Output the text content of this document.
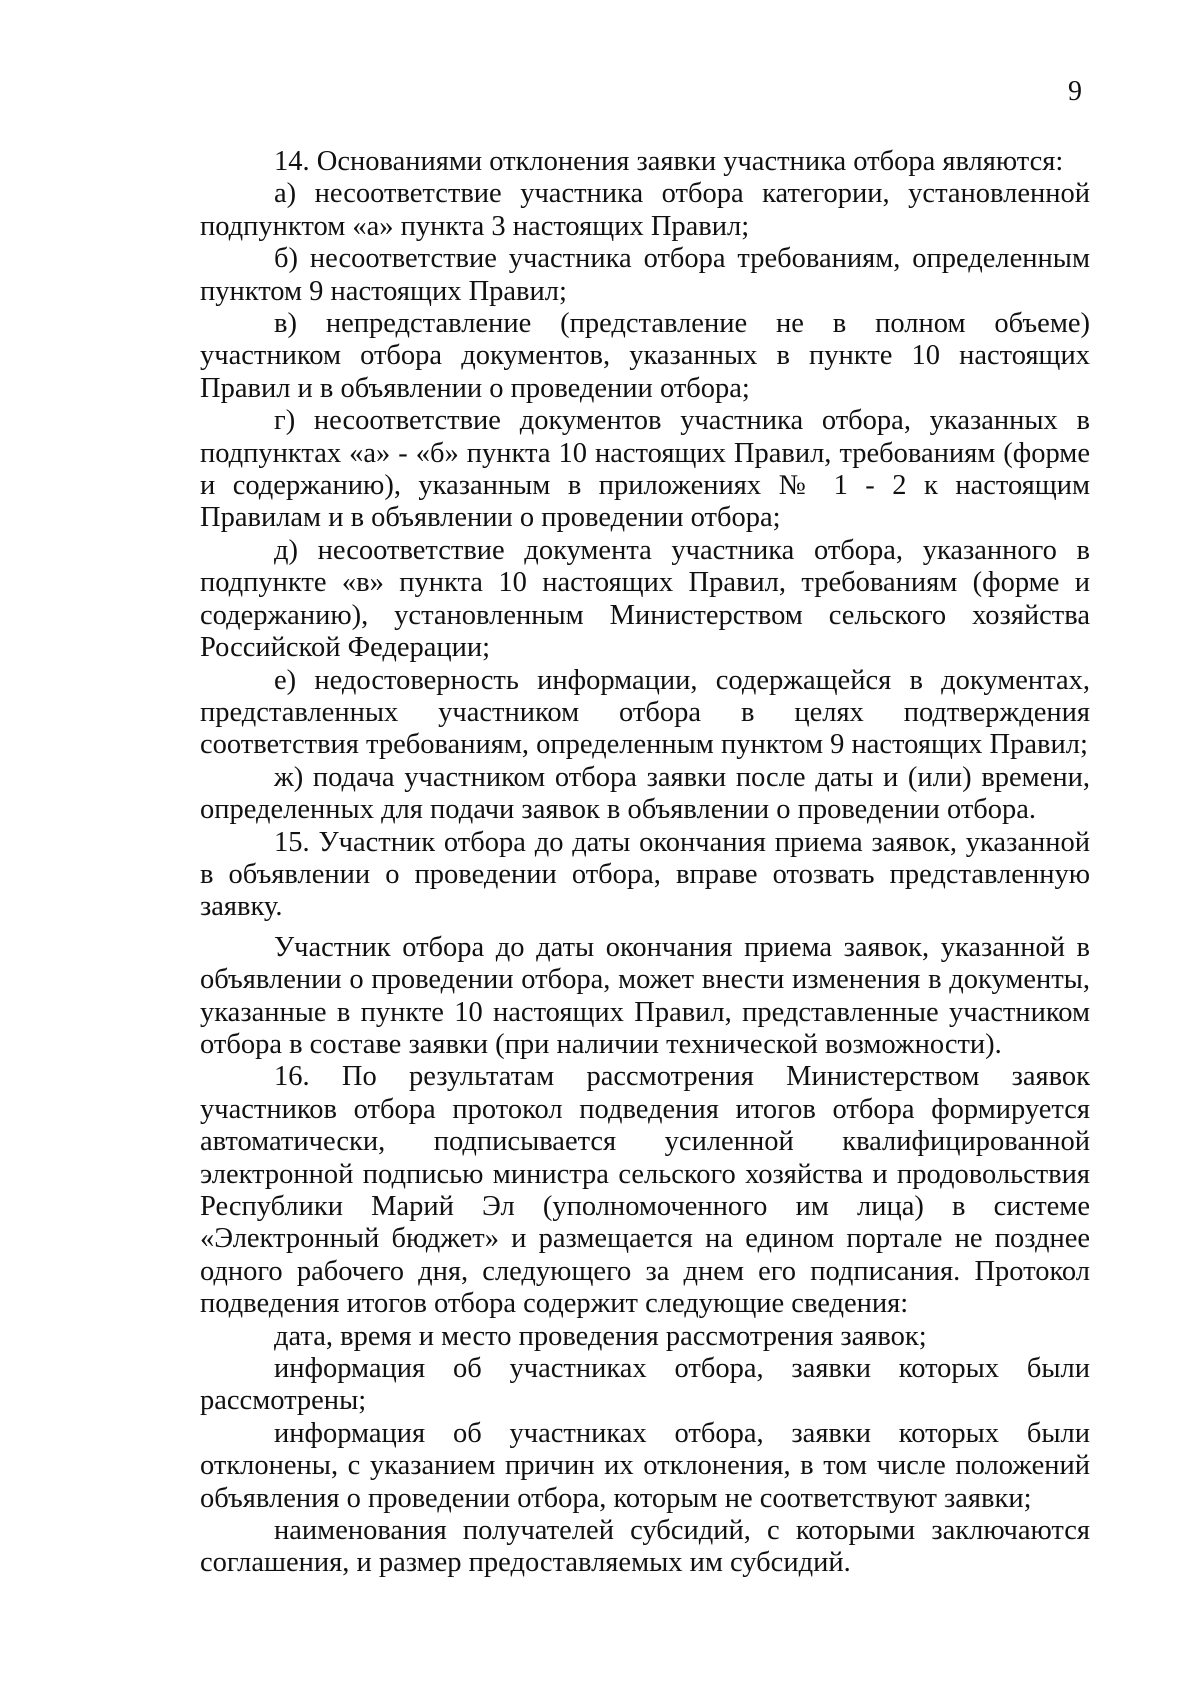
9

14. Основаниями отклонения заявки участника отбора являются:

а) несоответствие участника отбора категории, установленной подпунктом «а» пункта 3 настоящих Правил;

б) несоответствие участника отбора требованиям, определенным пунктом 9 настоящих Правил;

в) непредставление (представление не в полном объеме) участником отбора документов, указанных в пункте 10 настоящих Правил и в объявлении о проведении отбора;

г) несоответствие документов участника отбора, указанных в подпунктах «а» - «б» пункта 10 настоящих Правил, требованиям (форме и содержанию), указанным в приложениях № 1 - 2 к настоящим Правилам и в объявлении о проведении отбора;

д) несоответствие документа участника отбора, указанного в подпункте «в» пункта 10 настоящих Правил, требованиям (форме и содержанию), установленным Министерством сельского хозяйства Российской Федерации;

е) недостоверность информации, содержащейся в документах, представленных участником отбора в целях подтверждения соответствия требованиям, определенным пунктом 9 настоящих Правил;

ж) подача участником отбора заявки после даты и (или) времени, определенных для подачи заявок в объявлении о проведении отбора.

15. Участник отбора до даты окончания приема заявок, указанной в объявлении о проведении отбора, вправе отозвать представленную заявку.

Участник отбора до даты окончания приема заявок, указанной в объявлении о проведении отбора, может внести изменения в документы, указанные в пункте 10 настоящих Правил, представленные участником отбора в составе заявки (при наличии технической возможности).

16. По результатам рассмотрения Министерством заявок участников отбора протокол подведения итогов отбора формируется автоматически, подписывается усиленной квалифицированной электронной подписью министра сельского хозяйства и продовольствия Республики Марий Эл (уполномоченного им лица) в системе «Электронный бюджет» и размещается на едином портале не позднее одного рабочего дня, следующего за днем его подписания. Протокол подведения итогов отбора содержит следующие сведения:

дата, время и место проведения рассмотрения заявок;

информация об участниках отбора, заявки которых были рассмотрены;

информация об участниках отбора, заявки которых были отклонены, с указанием причин их отклонения, в том числе положений объявления о проведении отбора, которым не соответствуют заявки;

наименования получателей субсидий, с которыми заключаются соглашения, и размер предоставляемых им субсидий.
